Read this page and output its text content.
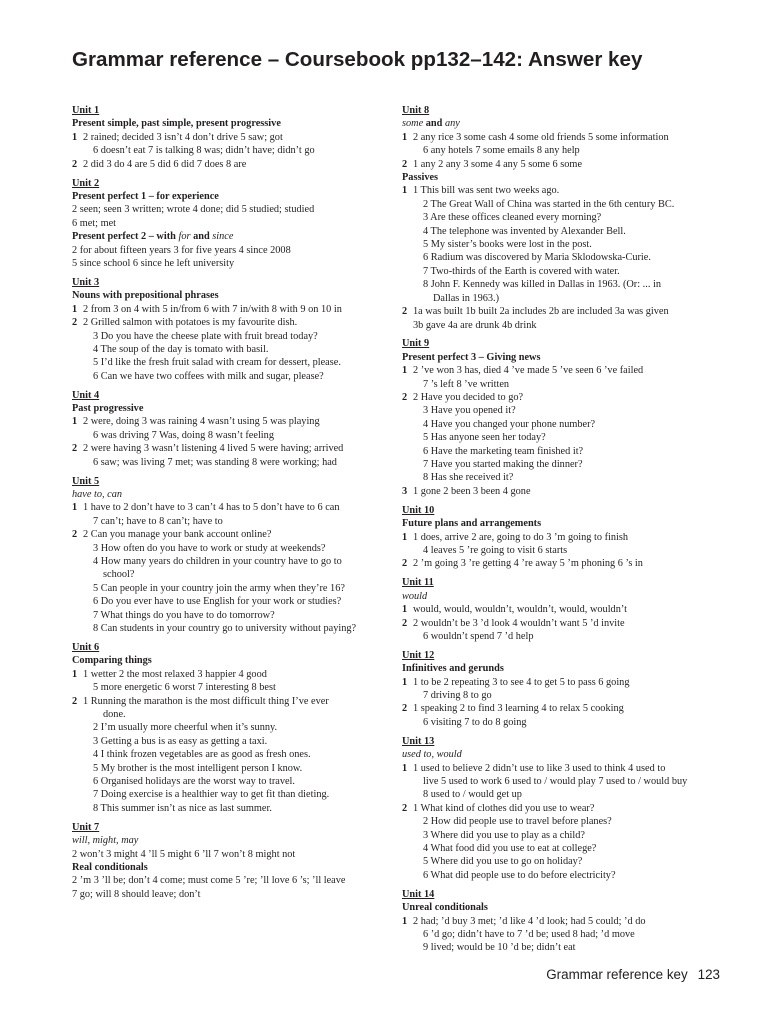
Grammar reference – Coursebook pp132–142: Answer key
Unit 1
Present simple, past simple, present progressive
1 2 rained; decided 3 isn’t 4 don’t drive 5 saw; got
6 doesn’t eat 7 is talking 8 was; didn’t have; didn’t go
2 2 did 3 do 4 are 5 did 6 did 7 does 8 are
Unit 2
Present perfect 1 – for experience
2 seen; seen 3 written; wrote 4 done; did 5 studied; studied
6 met; met
Present perfect 2 – with for and since
2 for about fifteen years 3 for five years 4 since 2008
5 since school 6 since he left university
Unit 3
Nouns with prepositional phrases
1 2 from 3 on 4 with 5 in/from 6 with 7 in/with 8 with 9 on 10 in
2 2 Grilled salmon with potatoes is my favourite dish.
3 Do you have the cheese plate with fruit bread today?
4 The soup of the day is tomato with basil.
5 I’d like the fresh fruit salad with cream for dessert, please.
6 Can we have two coffees with milk and sugar, please?
Unit 4
Past progressive
1 2 were, doing 3 was raining 4 wasn’t using 5 was playing
6 was driving 7 Was, doing 8 wasn’t feeling
2 2 were having 3 wasn’t listening 4 lived 5 were having; arrived
6 saw; was living 7 met; was standing 8 were working; had
Unit 5
have to, can
1 1 have to 2 don’t have to 3 can’t 4 has to 5 don’t have to 6 can
7 can’t; have to 8 can’t; have to
2 2 Can you manage your bank account online?
3 How often do you have to work or study at weekends?
4 How many years do children in your country have to go to
school?
5 Can people in your country join the army when they’re 16?
6 Do you ever have to use English for your work or studies?
7 What things do you have to do tomorrow?
8 Can students in your country go to university without paying?
Unit 6
Comparing things
1 1 wetter 2 the most relaxed 3 happier 4 good
5 more energetic 6 worst 7 interesting 8 best
2 1 Running the marathon is the most difficult thing I’ve ever
done.
2 I’m usually more cheerful when it’s sunny.
3 Getting a bus is as easy as getting a taxi.
4 I think frozen vegetables are as good as fresh ones.
5 My brother is the most intelligent person I know.
6 Organised holidays are the worst way to travel.
7 Doing exercise is a healthier way to get fit than dieting.
8 This summer isn’t as nice as last summer.
Unit 7
will, might, may
2 won’t 3 might 4 ’ll 5 might 6 ’ll 7 won’t 8 might not
Real conditionals
2 ’m 3 ’ll be; don’t 4 come; must come 5 ’re; ’ll love 6 ’s; ’ll leave
7 go; will 8 should leave; don’t
Unit 8
some and any
1 2 any rice 3 some cash 4 some old friends 5 some information
6 any hotels 7 some emails 8 any help
2 1 any 2 any 3 some 4 any 5 some 6 some
Passives
1 1 This bill was sent two weeks ago.
2 The Great Wall of China was started in the 6th century BC.
3 Are these offices cleaned every morning?
4 The telephone was invented by Alexander Bell.
5 My sister’s books were lost in the post.
6 Radium was discovered by Maria Sklodowska-Curie.
7 Two-thirds of the Earth is covered with water.
8 John F. Kennedy was killed in Dallas in 1963. (Or: ... in
Dallas in 1963.)
2 1a was built 1b built 2a includes 2b are included 3a was given
3b gave 4a are drunk 4b drink
Unit 9
Present perfect 3 – Giving news
1 2 ’ve won 3 has, died 4 ’ve made 5 ’ve seen 6 ’ve failed
7 ’s left 8 ’ve written
2 2 Have you decided to go?
3 Have you opened it?
4 Have you changed your phone number?
5 Has anyone seen her today?
6 Have the marketing team finished it?
7 Have you started making the dinner?
8 Has she received it?
3 1 gone 2 been 3 been 4 gone
Unit 10
Future plans and arrangements
1 1 does, arrive 2 are, going to do 3 ’m going to finish
4 leaves 5 ’re going to visit 6 starts
2 2 ’m going 3 ’re getting 4 ’re away 5 ’m phoning 6 ’s in
Unit 11
would
1 would, would, wouldn’t, wouldn’t, would, wouldn’t
2 2 wouldn’t be 3 ’d look 4 wouldn’t want 5 ’d invite
6 wouldn’t spend 7 ’d help
Unit 12
Infinitives and gerunds
1 1 to be 2 repeating 3 to see 4 to get 5 to pass 6 going
7 driving 8 to go
2 1 speaking 2 to find 3 learning 4 to relax 5 cooking
6 visiting 7 to do 8 going
Unit 13
used to, would
1 1 used to believe 2 didn’t use to like 3 used to think 4 used to
live 5 used to work 6 used to / would play 7 used to / would buy
8 used to / would get up
2 1 What kind of clothes did you use to wear?
2 How did people use to travel before planes?
3 Where did you use to play as a child?
4 What food did you use to eat at college?
5 Where did you use to go on holiday?
6 What did people use to do before electricity?
Unit 14
Unreal conditionals
1 2 had; ’d buy 3 met; ’d like 4 ’d look; had 5 could; ’d do
6 ’d go; didn’t have to 7 ’d be; used 8 had; ’d move
9 lived; would be 10 ’d be; didn’t eat
Grammar reference key 123
